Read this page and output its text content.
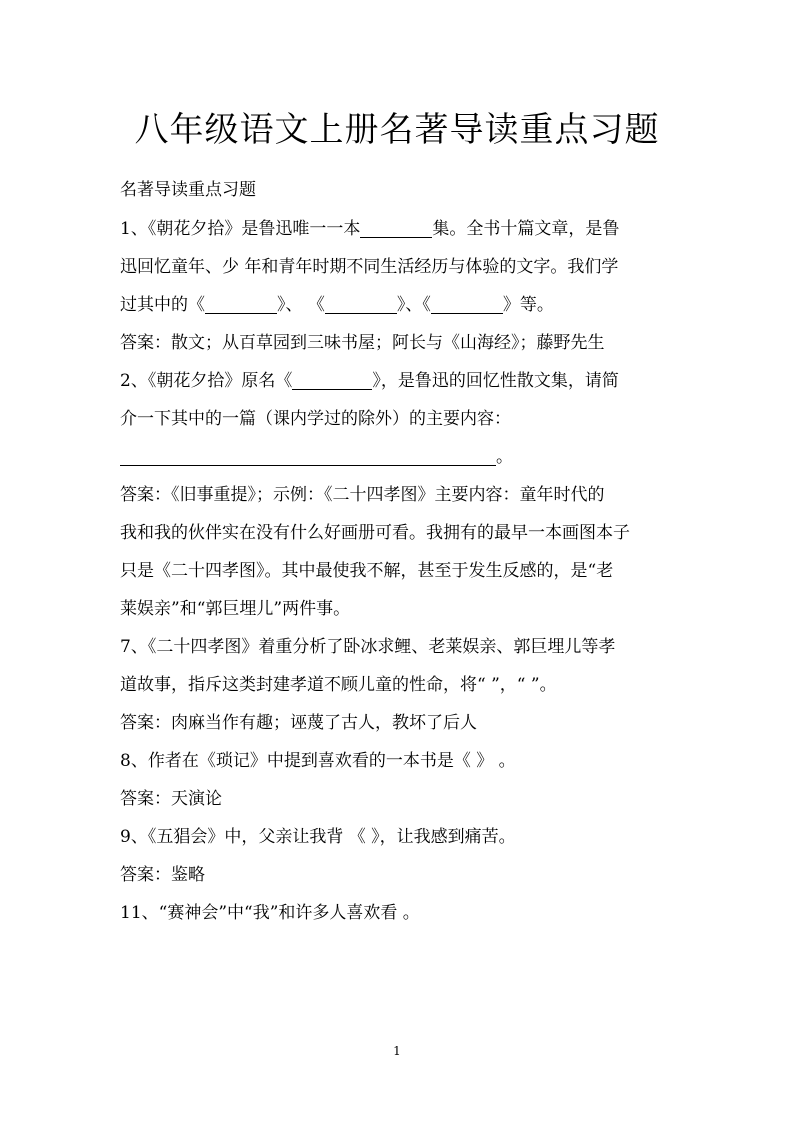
八年级语文上册名著导读重点习题
名著导读重点习题
1、《朝花夕拾》是鲁迅唯一一本	集。全书十篇文章，是鲁
迅回忆童年、少 年和青年时期不同生活经历与体验的文字。我们学
过其中的《	》、 《	》、《	》等。
答案：散文；从百草园到三味书屋；阿长与《山海经》；藤野先生
2、《朝花夕拾》原名《	》，是鲁迅的回忆性散文集，请简
介一下其中的一篇（课内学过的除外）的主要内容：
。
答案：《旧事重提》；示例：《二十四孝图》主要内容：童年时代的
我和我的伙伴实在没有什么好画册可看。我拥有的最早一本画图本子
只是《二十四孝图》。其中最使我不解，甚至于发生反感的，是“老
莱娱亲”和“郭巨埋儿”两件事。
7、《二十四孝图》着重分析了卧冰求鲤、老莱娱亲、郭巨埋儿等孝
道故事，指斥这类封建孝道不顾儿童的性命，将“ ”，“ ”。
答案：肉麻当作有趣；诬蔑了古人，教坏了后人
8、作者在《琐记》中提到喜欢看的一本书是《 》 。
答案：天演论
9、《五猖会》中，父亲让我背 《 》，让我感到痛苦。
答案：鉴略
11、“赛神会”中“我”和许多人喜欢看 。
1
